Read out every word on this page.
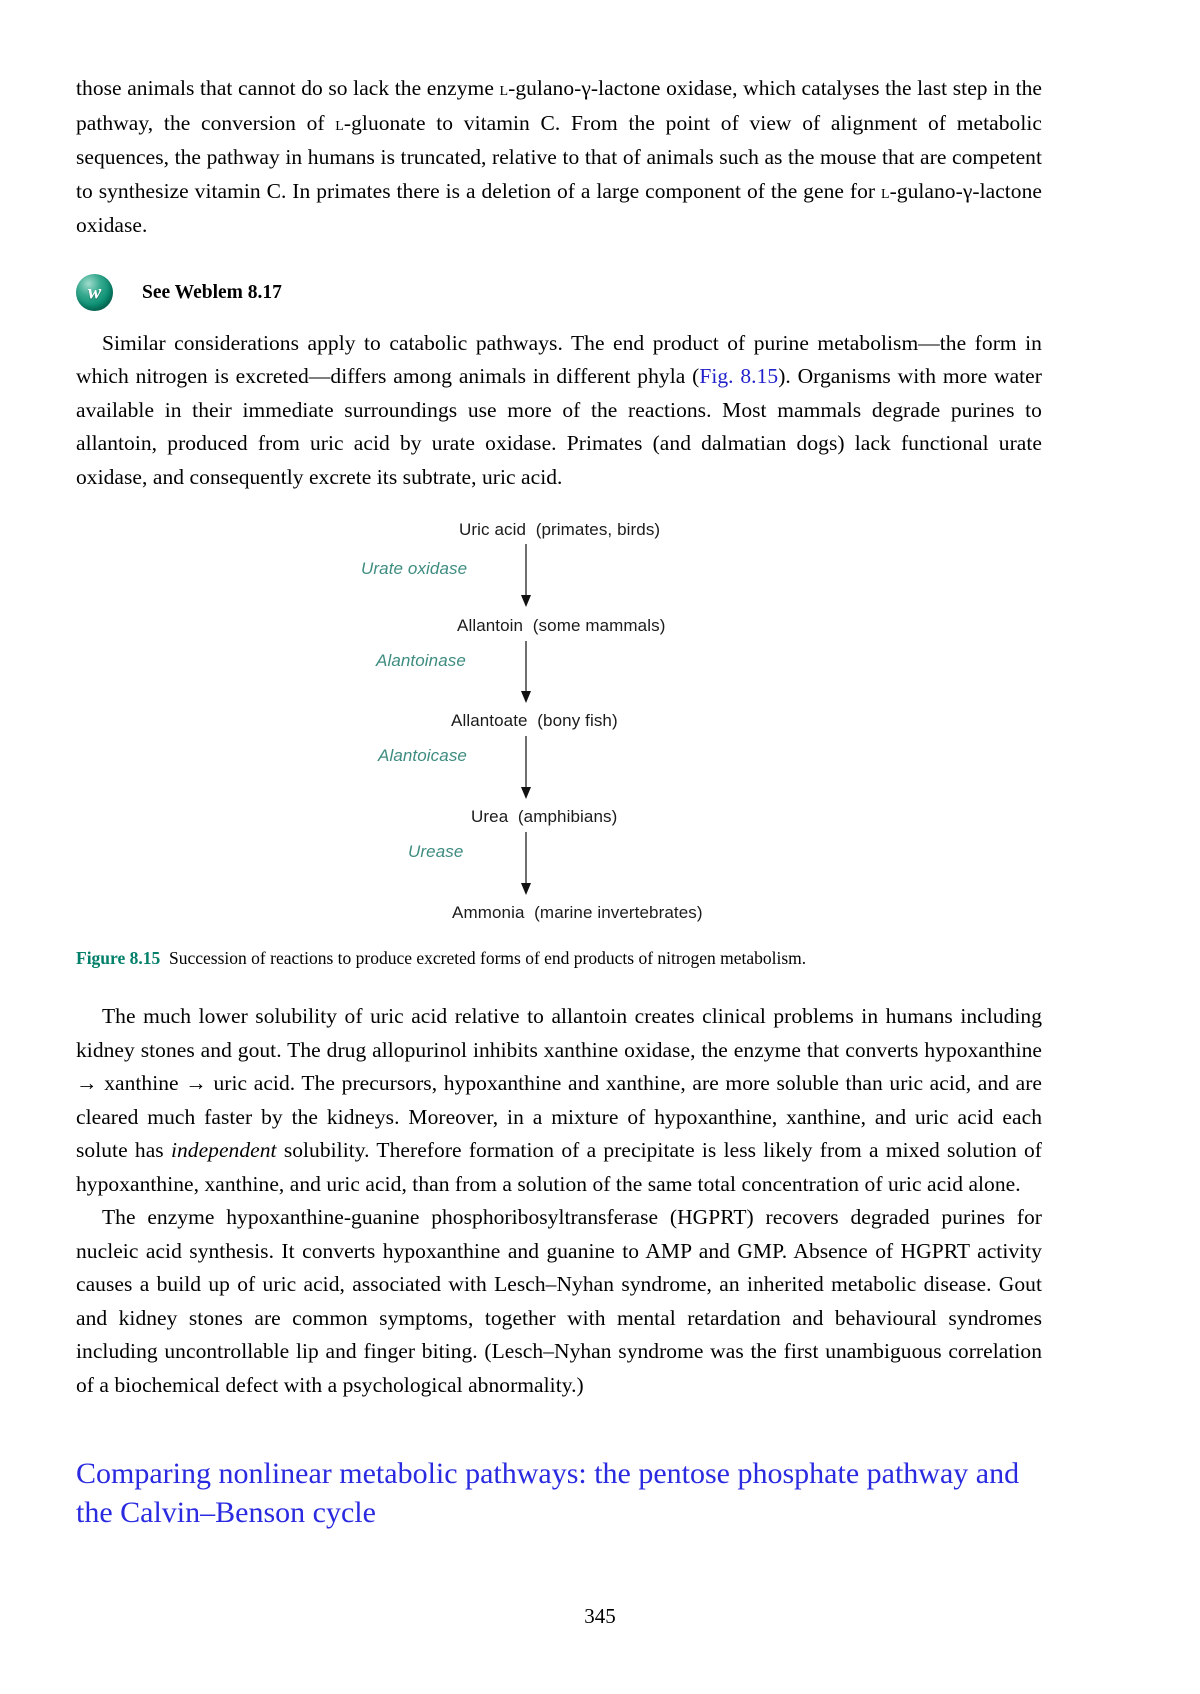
those animals that cannot do so lack the enzyme l-gulano-γ-lactone oxidase, which catalyses the last step in the pathway, the conversion of l-gluonate to vitamin C. From the point of view of alignment of metabolic sequences, the pathway in humans is truncated, relative to that of animals such as the mouse that are competent to synthesize vitamin C. In primates there is a deletion of a large component of the gene for l-gulano-γ-lactone oxidase.

w
See Weblem 8.17

Similar considerations apply to catabolic pathways. The end product of purine metabolism—the form in which nitrogen is excreted—differs among animals in different phyla (Fig. 8.15). Organisms with more water available in their immediate surroundings use more of the reactions. Most mammals degrade purines to allantoin, produced from uric acid by urate oxidase. Primates (and dalmatian dogs) lack functional urate oxidase, and consequently excrete its subtrate, uric acid.

Uric acid (primates, birds)
Urate oxidase
Allantoin (some mammals)
Alantoinase
Allantoate (bony fish)
Alantoicase
Urea (amphibians)
Urease
Ammonia (marine invertebrates)
Figure 8.15 Succession of reactions to produce excreted forms of end products of nitrogen metabolism.

The much lower solubility of uric acid relative to allantoin creates clinical problems in humans including kidney stones and gout. The drug allopurinol inhibits xanthine oxidase, the enzyme that converts hypoxanthine → xanthine → uric acid. The precursors, hypoxanthine and xanthine, are more soluble than uric acid, and are cleared much faster by the kidneys. Moreover, in a mixture of hypoxanthine, xanthine, and uric acid each solute has independent solubility. Therefore formation of a precipitate is less likely from a mixed solution of hypoxanthine, xanthine, and uric acid, than from a solution of the same total concentration of uric acid alone.

The enzyme hypoxanthine-guanine phosphoribosyltransferase (HGPRT) recovers degraded purines for nucleic acid synthesis. It converts hypoxanthine and guanine to AMP and GMP. Absence of HGPRT activity causes a build up of uric acid, associated with Lesch–Nyhan syndrome, an inherited metabolic disease. Gout and kidney stones are common symptoms, together with mental retardation and behavioural syndromes including uncontrollable lip and finger biting. (Lesch–Nyhan syndrome was the first unambiguous correlation of a biochemical defect with a psychological abnormality.)

Comparing nonlinear metabolic pathways: the pentose phosphate pathway and the Calvin–Benson cycle
345
